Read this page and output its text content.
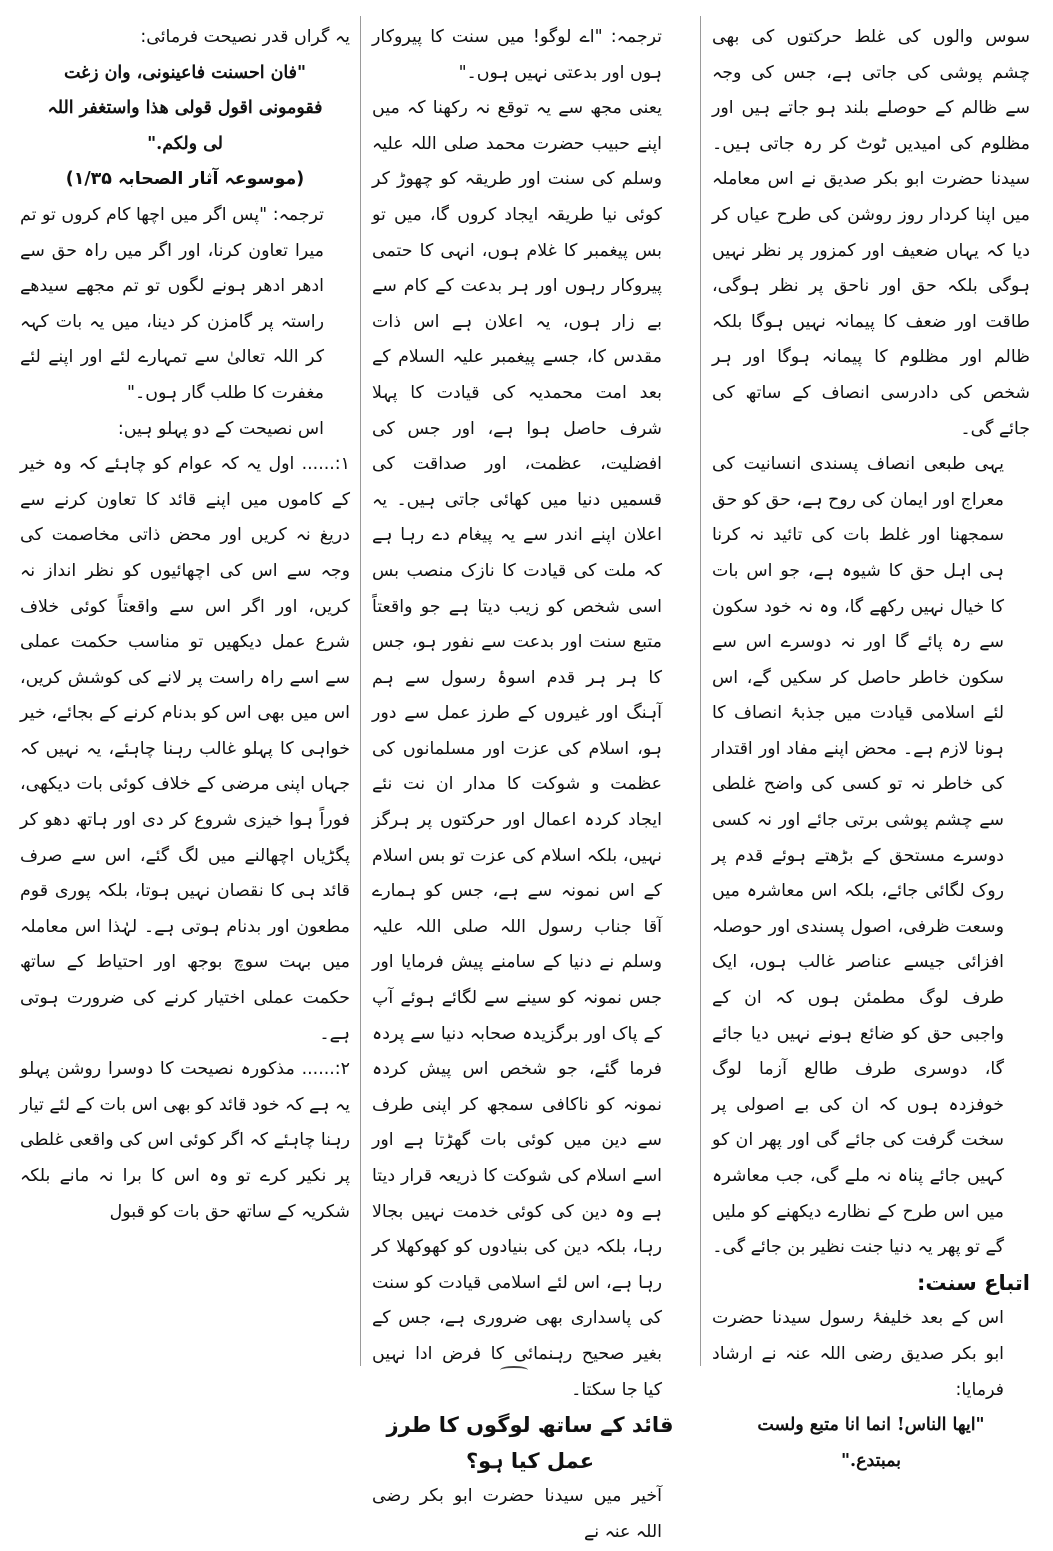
سوس والوں کی غلط حرکتوں کی بھی چشم پوشی کی جاتی ہے، جس کی وجہ سے ظالم کے حوصلے بلند ہو جاتے ہیں اور مظلوم کی امیدیں ٹوٹ کر رہ جاتی ہیں۔ سیدنا حضرت ابو بکر صدیق نے اس معاملہ میں اپنا کردار روز روشن کی طرح عیاں کر دیا کہ یہاں ضعیف اور کمزور پر نظر نہیں ہوگی بلکہ حق اور ناحق پر نظر ہوگی، طاقت اور ضعف کا پیمانہ نہیں ہوگا بلکہ ظالم اور مظلوم کا پیمانہ ہوگا اور ہر شخص کی دادرسی انصاف کے ساتھ کی جائے گی۔

یہی طبعی انصاف پسندی انسانیت کی معراج اور ایمان کی روح ہے، حق کو حق سمجھنا اور غلط بات کی تائید نہ کرنا ہی اہل حق کا شیوہ ہے، جو اس بات کا خیال نہیں رکھے گا، وہ نہ خود سکون سے رہ پائے گا اور نہ دوسرے اس سے سکون خاطر حاصل کر سکیں گے، اس لئے اسلامی قیادت میں جذبۂ انصاف کا ہونا لازم ہے۔ محض اپنے مفاد اور اقتدار کی خاطر نہ تو کسی کی واضح غلطی سے چشم پوشی برتی جائے اور نہ کسی دوسرے مستحق کے بڑھتے ہوئے قدم پر روک لگائی جائے، بلکہ اس معاشرہ میں وسعت ظرفی، اصول پسندی اور حوصلہ افزائی جیسے عناصر غالب ہوں، ایک طرف لوگ مطمئن ہوں کہ ان کے واجبی حق کو ضائع ہونے نہیں دیا جائے گا، دوسری طرف طالع آزما لوگ خوفزدہ ہوں کہ ان کی بے اصولی پر سخت گرفت کی جائے گی اور پھر ان کو کہیں جائے پناہ نہ ملے گی، جب معاشرہ میں اس طرح کے نظارے دیکھنے کو ملیں گے تو پھر یہ دنیا جنت نظیر بن جائے گی۔

اتباع سنت:

اس کے بعد خلیفۂ رسول سیدنا حضرت ابو بکر صدیق رضی اللہ عنہ نے ارشاد فرمایا:

"ایھا الناس! انما انا متبع ولست بمبتدع."

ترجمہ: "اے لوگو! میں سنت کا پیروکار ہوں اور بدعتی نہیں ہوں۔"

یعنی مجھ سے یہ توقع نہ رکھنا کہ میں اپنے حبیب حضرت محمد صلی اللہ علیہ وسلم کی سنت اور طریقہ کو چھوڑ کر کوئی نیا طریقہ ایجاد کروں گا، میں تو بس پیغمبر کا غلام ہوں، انہی کا حتمی پیروکار رہوں اور ہر بدعت کے کام سے بے زار ہوں، یہ اعلان ہے اس ذات مقدس کا، جسے پیغمبر علیہ السلام کے بعد امت محمدیہ کی قیادت کا پہلا شرف حاصل ہوا ہے، اور جس کی افضلیت، عظمت، اور صداقت کی قسمیں دنیا میں کھائی جاتی ہیں۔ یہ اعلان اپنے اندر سے یہ پیغام دے رہا ہے کہ ملت کی قیادت کا نازک منصب بس اسی شخص کو زیب دیتا ہے جو واقعتاً متبع سنت اور بدعت سے نفور ہو، جس کا ہر ہر قدم اسوۂ رسول سے ہم آہنگ اور غیروں کے طرز عمل سے دور ہو، اسلام کی عزت اور مسلمانوں کی عظمت و شوکت کا مدار ان نت نئے ایجاد کردہ اعمال اور حرکتوں پر ہرگز نہیں، بلکہ اسلام کی عزت تو بس اسلام کے اس نمونہ سے ہے، جس کو ہمارے آقا جناب رسول اللہ صلی اللہ علیہ وسلم نے دنیا کے سامنے پیش فرمایا اور جس نمونہ کو سینے سے لگائے ہوئے آپ کے پاک اور برگزیدہ صحابہ دنیا سے پردہ فرما گئے، جو شخص اس پیش کردہ نمونہ کو ناکافی سمجھ کر اپنی طرف سے دین میں کوئی بات گھڑتا ہے اور اسے اسلام کی شوکت کا ذریعہ قرار دیتا ہے وہ دین کی کوئی خدمت نہیں بجالا رہا، بلکہ دین کی بنیادوں کو کھوکھلا کر رہا ہے، اس لئے اسلامی قیادت کو سنت کی پاسداری بھی ضروری ہے، جس کے بغیر صحیح رہنمائی کا فرض ادا نہیں کیا جا سکتا۔

قائد کے ساتھ لوگوں کا طرز عمل کیا ہو؟

آخیر میں سیدنا حضرت ابو بکر رضی اللہ عنہ نے

یہ گراں قدر نصیحت فرمائی:

"فان احسنت فاعینونی، وان زغت فقومونی اقول قولی ھذا واستغفر اللہ لی ولکم."

(موسوعہ آثار الصحابہ ۱/۳۵)

ترجمہ: "پس اگر میں اچھا کام کروں تو تم میرا تعاون کرنا، اور اگر میں راہ حق سے ادھر ادھر ہونے لگوں تو تم مجھے سیدھے راستہ پر گامزن کر دینا، میں یہ بات کہہ کر اللہ تعالیٰ سے تمہارے لئے اور اپنے لئے مغفرت کا طلب گار ہوں۔"

اس نصیحت کے دو پہلو ہیں:

۱:...... اول یہ کہ عوام کو چاہئے کہ وہ خیر کے کاموں میں اپنے قائد کا تعاون کرنے سے دریغ نہ کریں اور محض ذاتی مخاصمت کی وجہ سے اس کی اچھائیوں کو نظر انداز نہ کریں، اور اگر اس سے واقعتاً کوئی خلاف شرع عمل دیکھیں تو مناسب حکمت عملی سے اسے راہ راست پر لانے کی کوشش کریں، اس میں بھی اس کو بدنام کرنے کے بجائے، خیر خواہی کا پہلو غالب رہنا چاہئے، یہ نہیں کہ جہاں اپنی مرضی کے خلاف کوئی بات دیکھی، فوراً ہوا خیزی شروع کر دی اور ہاتھ دھو کر پگڑیاں اچھالنے میں لگ گئے، اس سے صرف قائد ہی کا نقصان نہیں ہوتا، بلکہ پوری قوم مطعون اور بدنام ہوتی ہے۔ لہٰذا اس معاملہ میں بہت سوچ بوجھ اور احتیاط کے ساتھ حکمت عملی اختیار کرنے کی ضرورت ہوتی ہے۔

۲:...... مذکورہ نصیحت کا دوسرا روشن پہلو یہ ہے کہ خود قائد کو بھی اس بات کے لئے تیار رہنا چاہئے کہ اگر کوئی اس کی واقعی غلطی پر نکیر کرے تو وہ اس کا برا نہ مانے بلکہ شکریہ کے ساتھ حق بات کو قبول
